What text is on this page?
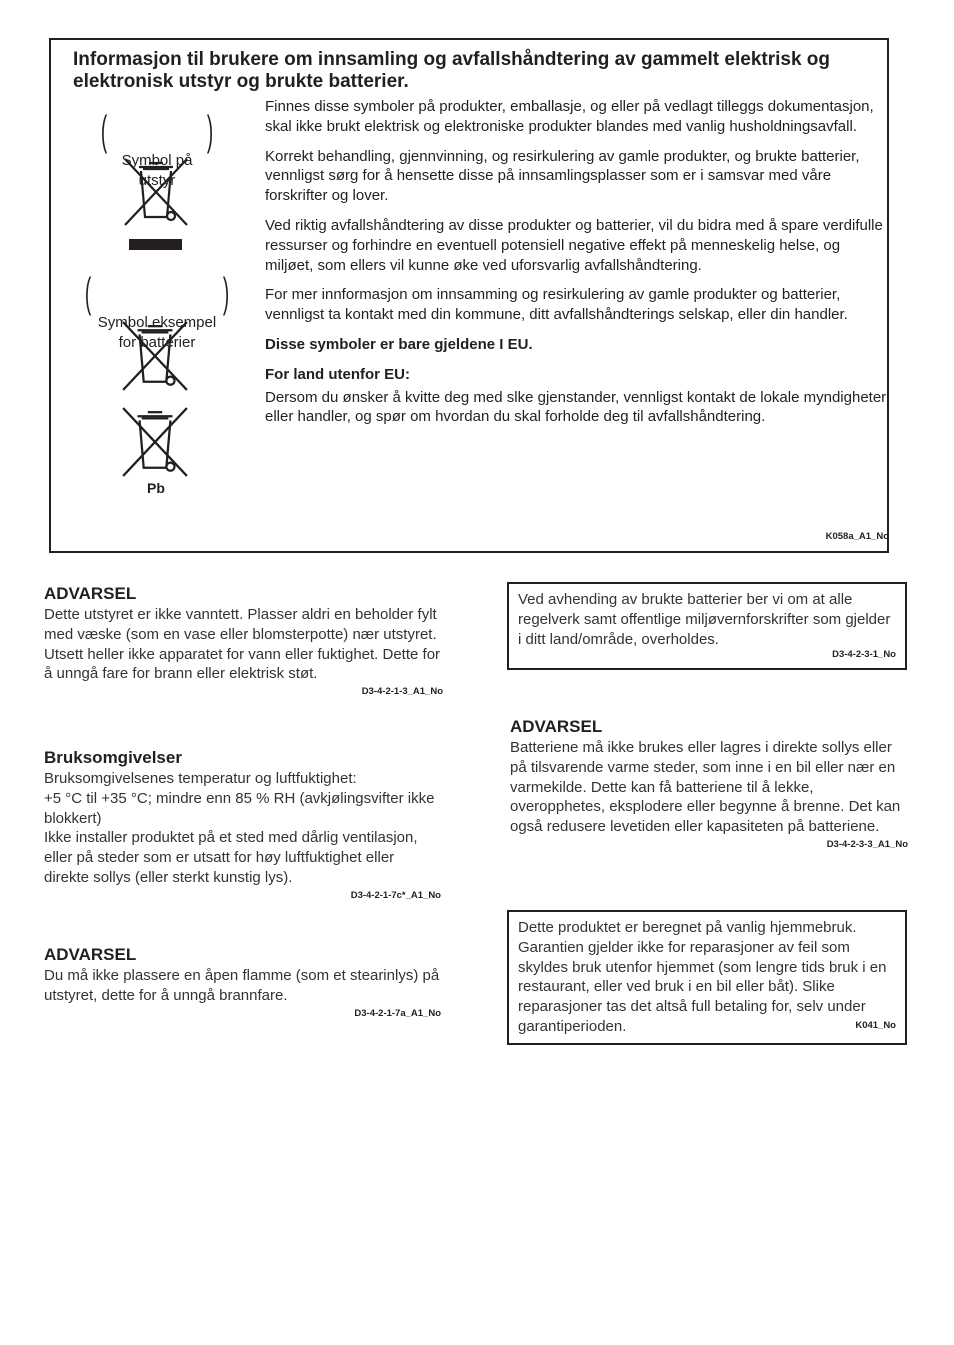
Informasjon til brukere om innsamling og avfallshåndtering av gammelt elektrisk og elektronisk utstyr og brukte batterier.

(

Symbol på
utstyr

)

(

Symbol eksempel
for batterier

)

Pb

Finnes disse symboler på produkter, emballasje, og eller på vedlagt tilleggs dokumentasjon, skal ikke brukt elektrisk og elektroniske produkter blandes med vanlig husholdningsavfall.

Korrekt behandling, gjennvinning, og resirkulering av gamle produkter, og brukte batterier, vennligst sørg for å hensette disse på innsamlingsplasser som er i samsvar med våre forskrifter og lover.

Ved riktig avfallshåndtering av disse produkter og batterier, vil du bidra med å spare verdifulle ressurser og forhindre en eventuell potensiell negative effekt på menneskelig helse, og miljøet, som ellers vil kunne øke ved uforsvarlig avfallshåndtering.

For mer innformasjon om innsamming og resirkulering av gamle produkter og batterier, vennligst ta kontakt med din kommune, ditt avfallshåndterings selskap, eller din handler.

Disse symboler er bare gjeldene I EU.

For land utenfor EU:

Dersom du ønsker å kvitte deg med slke gjenstander, vennligst kontakt de lokale myndigheter eller handler, og spør om hvordan du skal forholde deg til avfallshåndtering.

K058a_A1_No
ADVARSEL
Dette utstyret er ikke vanntett. Plasser aldri en beholder fylt med væske (som en vase eller blomsterpotte) nær utstyret. Utsett heller ikke apparatet for vann eller fuktighet. Dette for å unngå fare for brann eller elektrisk støt.
D3-4-2-1-3_A1_No
Bruksomgivelser
Bruksomgivelsenes temperatur og luftfuktighet:
+5 °C til +35 °C; mindre enn 85 % RH (avkjølingsvifter ikke blokkert)
Ikke installer produktet på et sted med dårlig ventilasjon, eller på steder som er utsatt for høy luftfuktighet eller direkte sollys (eller sterkt kunstig lys).
D3-4-2-1-7c*_A1_No
ADVARSEL
Du må ikke plassere en åpen flamme (som et stearinlys) på utstyret, dette for å unngå brannfare.
D3-4-2-1-7a_A1_No
Ved avhending av brukte batterier ber vi om at alle regelverk samt offentlige miljøvernforskrifter som gjelder i ditt land/område, overholdes.
D3-4-2-3-1_No
ADVARSEL
Batteriene må ikke brukes eller lagres i direkte sollys eller på tilsvarende varme steder, som inne i en bil eller nær en varmekilde. Dette kan få batteriene til å lekke, overopphetes, eksplodere eller begynne å brenne. Det kan også redusere levetiden eller kapasiteten på batteriene.
D3-4-2-3-3_A1_No
Dette produktet er beregnet på vanlig hjemmebruk. Garantien gjelder ikke for reparasjoner av feil som skyldes bruk utenfor hjemmet (som lengre tids bruk i en restaurant, eller ved bruk i en bil eller båt). Slike reparasjoner tas det altså full betaling for, selv under garantiperioden.	K041_No
